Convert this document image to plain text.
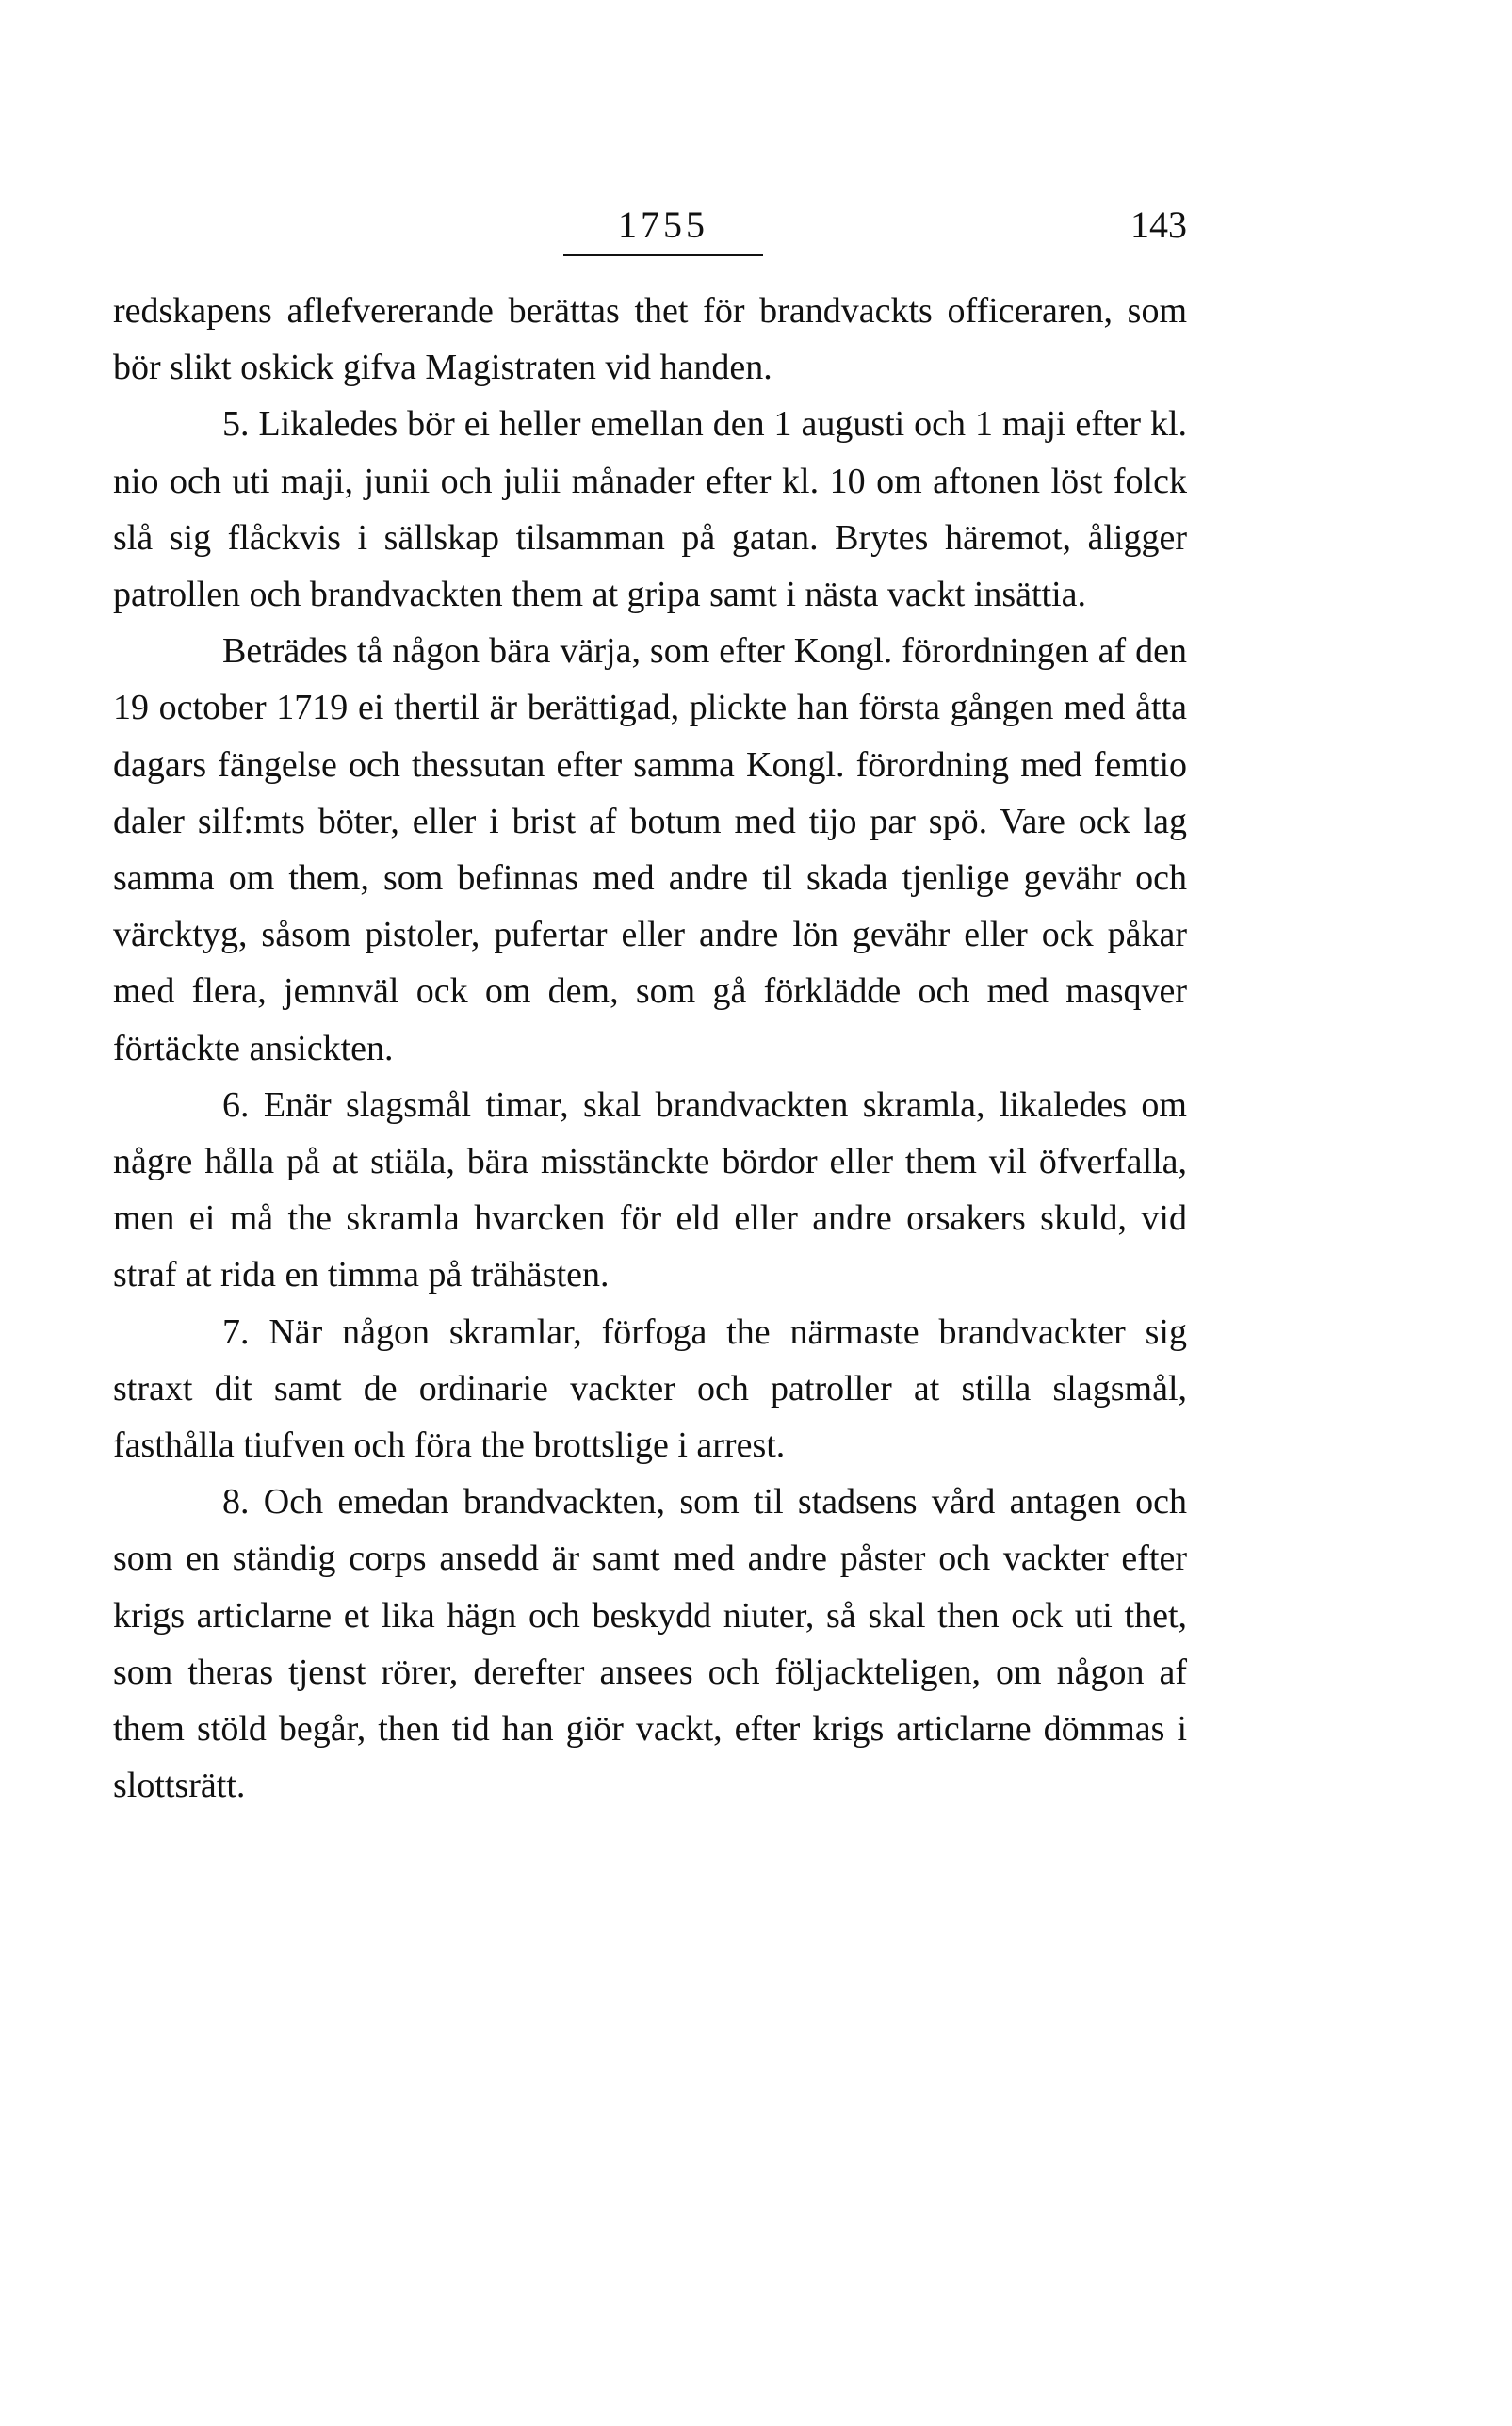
1755	143

redskapens aflefvererande berättas thet för brandvackts officeraren, som bör slikt oskick gifva Magistraten vid handen.

5. Likaledes bör ei heller emellan den 1 augusti och 1 maji efter kl. nio och uti maji, junii och julii månader efter kl. 10 om aftonen löst folck slå sig flåckvis i sällskap tilsamman på gatan. Brytes häremot, åligger patrollen och brandvackten them at gripa samt i nästa vackt insättia.

Beträdes tå någon bära värja, som efter Kongl. förordningen af den 19 october 1719 ei thertil är berättigad, plickte han första gången med åtta dagars fängelse och thessutan efter samma Kongl. förordning med femtio daler silf:mts böter, eller i brist af botum med tijo par spö. Vare ock lag samma om them, som befinnas med andre til skada tjenlige gevähr och värcktyg, såsom pistoler, pufertar eller andre lön gevähr eller ock påkar med flera, jemnväl ock om dem, som gå förklädde och med masqver förtäckte ansickten.

6. Enär slagsmål timar, skal brandvackten skramla, likaledes om någre hålla på at stiäla, bära misstänckte bördor eller them vil öfverfalla, men ei må the skramla hvarcken för eld eller andre orsakers skuld, vid straf at rida en timma på trähästen.

7. När någon skramlar, förfoga the närmaste brandvackter sig straxt dit samt de ordinarie vackter och patroller at stilla slagsmål, fasthålla tiufven och föra the brottslige i arrest.

8. Och emedan brandvackten, som til stadsens vård antagen och som en ständig corps ansedd är samt med andre påster och vackter efter krigs articlarne et lika hägn och beskydd niuter, så skal then ock uti thet, som theras tjenst rörer, derefter ansees och följackteligen, om någon af them stöld begår, then tid han giör vackt, efter krigs articlarne dömmas i slottsrätt.
